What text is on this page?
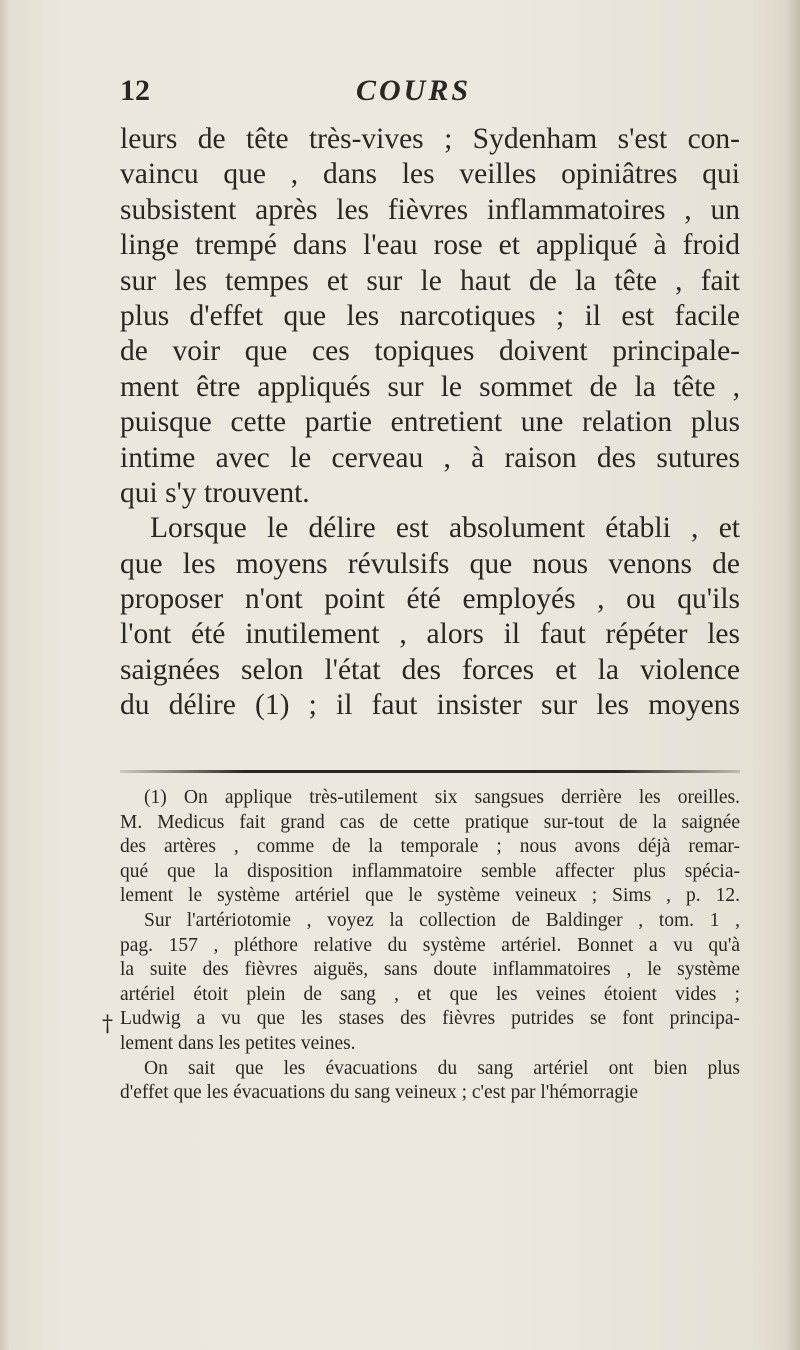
12	COURS
leurs de tête très-vives ; Sydenham s'est con-
vaincu que , dans les veilles opiniâtres qui
subsistent après les fièvres inflammatoires , un
linge trempé dans l'eau rose et appliqué à froid
sur les tempes et sur le haut de la tête , fait
plus d'effet que les narcotiques ; il est facile
de voir que ces topiques doivent principale-
ment être appliqués sur le sommet de la tête ,
puisque cette partie entretient une relation plus
intime avec le cerveau , à raison des sutures
qui s'y trouvent.
Lorsque le délire est absolument établi , et
que les moyens révulsifs que nous venons de
proposer n'ont point été employés , ou qu'ils
l'ont été inutilement , alors il faut répéter les
saignées selon l'état des forces et la violence
du délire (1) ; il faut insister sur les moyens
(1) On applique très-utilement six sangsues derrière les oreilles.
M. Medicus fait grand cas de cette pratique sur-tout de la saignée
des artères , comme de la temporale ; nous avons déjà remar-
qué que la disposition inflammatoire semble affecter plus spécia-
lement le système artériel que le système veineux ; Sims , p. 12.
Sur l'artériotomie , voyez la collection de Baldinger , tom. 1 ,
pag. 157 , pléthore relative du système artériel. Bonnet a vu qu'à
la suite des fièvres aiguës, sans doute inflammatoires , le système
artériel étoit plein de sang , et que les veines étoient vides ;
Ludwig a vu que les stases des fièvres putrides se font principa-
lement dans les petites veines.
On sait que les évacuations du sang artériel ont bien plus
d'effet que les évacuations du sang veineux ; c'est par l'hémorragie
†
